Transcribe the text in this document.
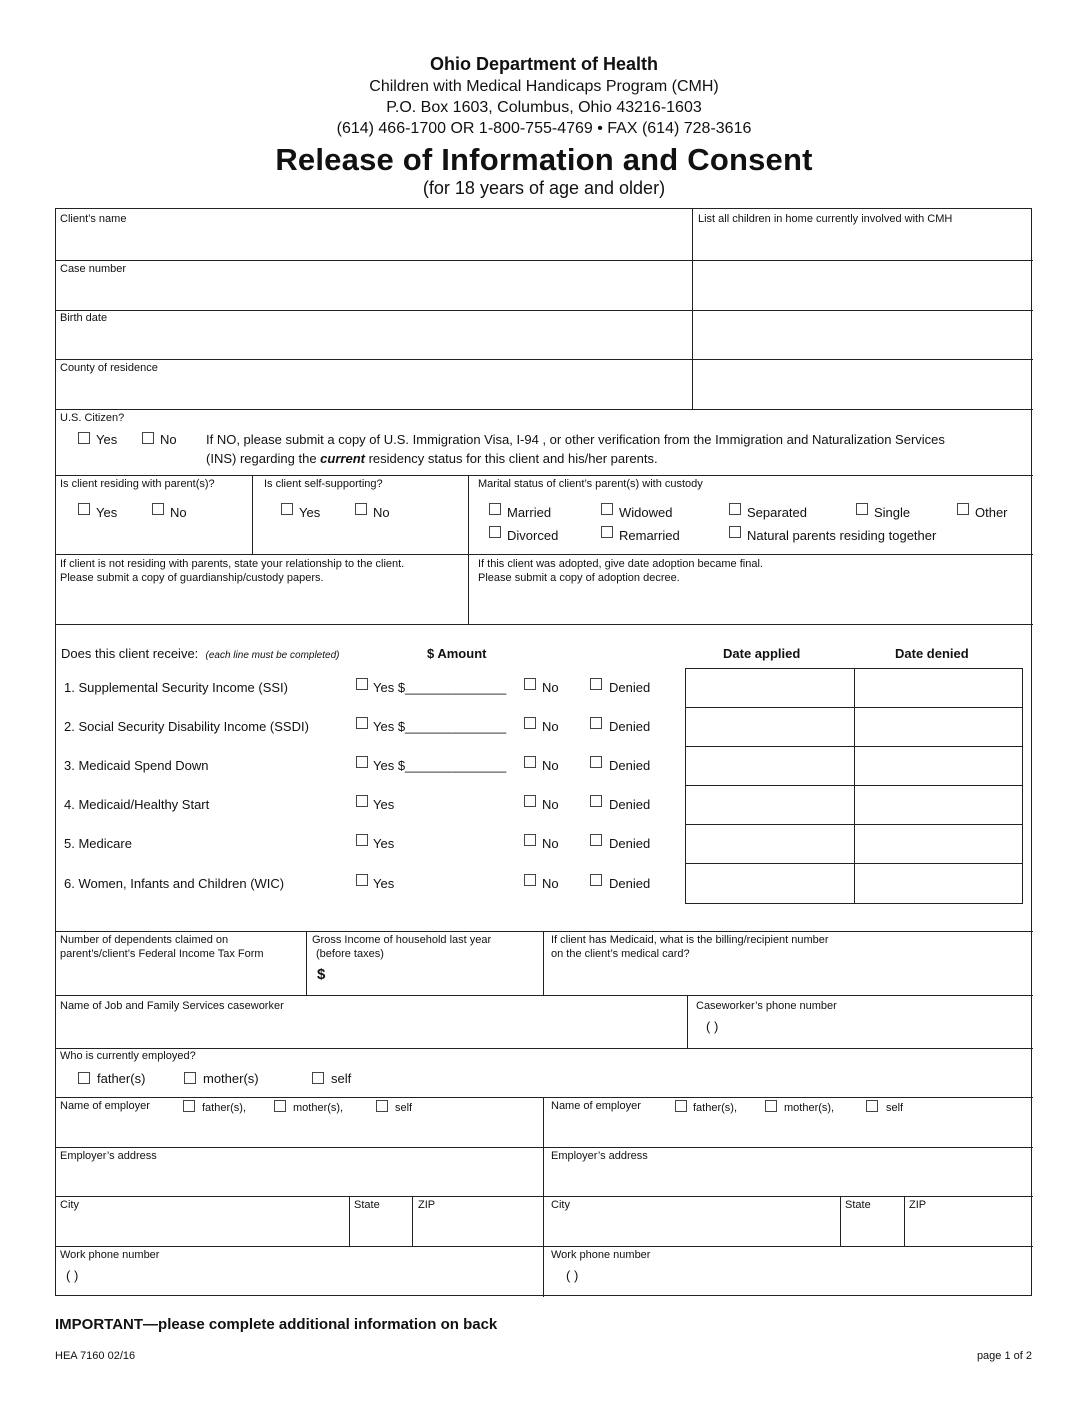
Ohio Department of Health
Children with Medical Handicaps Program (CMH)
P.O. Box 1603, Columbus, Ohio 43216-1603
(614) 466-1700 OR 1-800-755-4769 • FAX (614) 728-3616
Release of Information and Consent
(for 18 years of age and older)
Client’s name	List all children in home currently involved with CMH
Case number
Birth date
County of residence
U.S. Citizen?
Yes	No If NO, please submit a copy of U.S. Immigration Visa, I-94 , or other verification from the Immigration and Naturalization Services
(INS) regarding the current residency status for this client and his/her parents.
Is client residing with parent(s)?
Yes	No
Is client self-supporting?
Yes	No
Marital status of client’s parent(s) with custody
Married	Widowed	Separated	Single	Other
Divorced	Remarried	Natural parents residing together
If client is not residing with parents, state your relationship to the client.
Please submit a copy of guardianship/custody papers.
If this client was adopted, give date adoption became final.
Please submit a copy of adoption decree.
Does this client receive: (each line must be completed)	$ Amount	Date applied	Date denied
1. Supplemental Security Income (SSI)	Yes $______________	No	Denied
2. Social Security Disability Income (SSDI)	Yes $______________	No	Denied
3. Medicaid Spend Down	Yes $______________	No	Denied
4. Medicaid/Healthy Start	Yes	No	Denied
5. Medicare	Yes	No	Denied
6. Women, Infants and Children (WIC)	Yes	No	Denied
Number of dependents claimed on
parent’s/client’s Federal Income Tax Form
Gross Income of household last year
(before taxes)
$
If client has Medicaid, what is the billing/recipient number
on the client’s medical card?
Name of Job and Family Services caseworker	Caseworker’s phone number
( )
Who is currently employed?
father(s)	mother(s)	self
Name of employer	father(s),	mother(s),	self	Name of employer	father(s),	mother(s),	self
Employer’s address	Employer’s address
City	State	ZIP	City	State	ZIP
Work phone number
( )
Work phone number
( )
IMPORTANT—please complete additional information on back
HEA 7160 02/16	page 1 of 2
